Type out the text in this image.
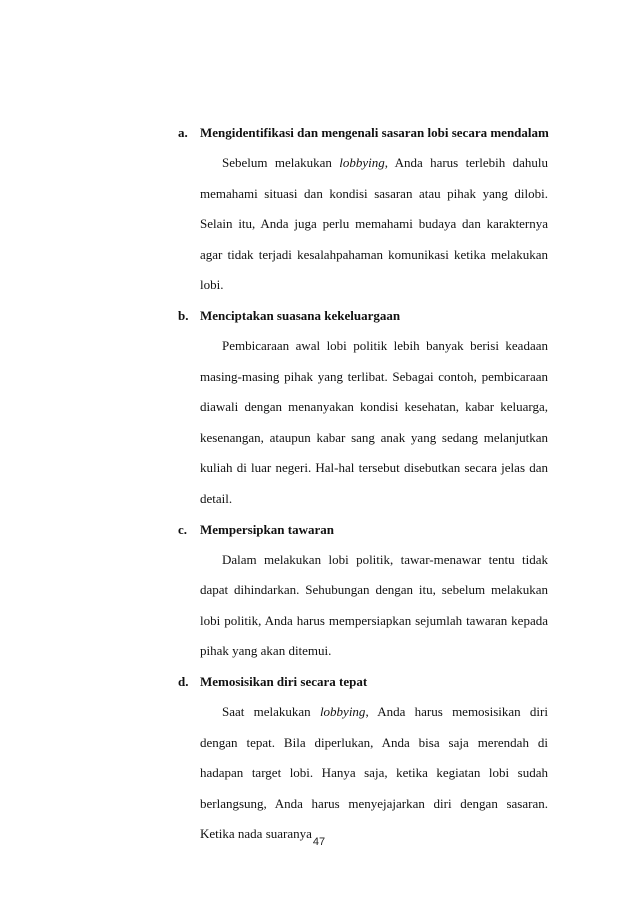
a. Mengidentifikasi dan mengenali sasaran lobi secara mendalam

Sebelum melakukan lobbying, Anda harus terlebih dahulu memahami situasi dan kondisi sasaran atau pihak yang dilobi. Selain itu, Anda juga perlu memahami budaya dan karakternya agar tidak terjadi kesalahpahaman komunikasi ketika melakukan lobi.

b. Menciptakan suasana kekeluargaan

Pembicaraan awal lobi politik lebih banyak berisi keadaan masing-masing pihak yang terlibat. Sebagai contoh, pembicaraan diawali dengan menanyakan kondisi kesehatan, kabar keluarga, kesenangan, ataupun kabar sang anak yang sedang melanjutkan kuliah di luar negeri. Hal-hal tersebut disebutkan secara jelas dan detail.

c. Mempersipkan tawaran

Dalam melakukan lobi politik, tawar-menawar tentu tidak dapat dihindarkan. Sehubungan dengan itu, sebelum melakukan lobi politik, Anda harus mempersiapkan sejumlah tawaran kepada pihak yang akan ditemui.

d. Memosisikan diri secara tepat

Saat melakukan lobbying, Anda harus memosisikan diri dengan tepat. Bila diperlukan, Anda bisa saja merendah di hadapan target lobi. Hanya saja, ketika kegiatan lobi sudah berlangsung, Anda harus menyejajarkan diri dengan sasaran. Ketika nada suaranya

47
